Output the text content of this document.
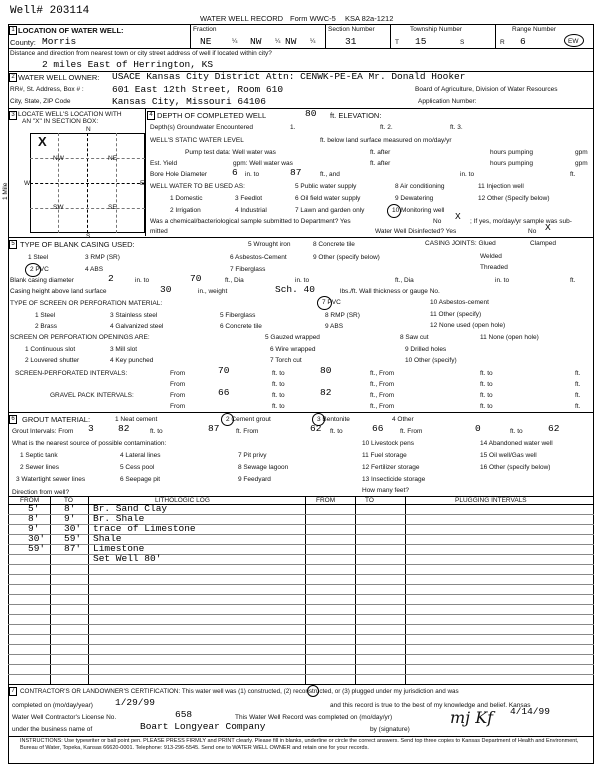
Well# 203114
WATER WELL RECORD Form WWC-5 KSA 82a-1212
1 LOCATION OF WATER WELL:
County: Morris
Fraction
NE	¼ NW ¼ NW ¼
Section Number
31
Township Number
T 15	S
Range Number
R 6	EW
Distance and direction from nearest town or city street address of well if located within city?
2 miles East of Herrington, KS
2 WATER WELL OWNER: USACE Kansas City District Attn: CENWK-PE-EA Mr. Donald Hooker
RR#, St. Address, Box # :	601 East 12th Street, Room 610	Board of Agriculture, Division of Water Resources
City, State, ZIP Code	Kansas City, Missouri 64106	Application Number:
3 LOCATE WELL'S LOCATION WITH
AN "X" IN SECTION BOX:
N
X
NW	NE
SW	SE
W	E
S
1 Mile
4 DEPTH OF COMPLETED WELL	80 ft. ELEVATION:
Depth(s) Groundwater Encountered	1.	ft. 2.	ft. 3.
WELL'S STATIC WATER LEVEL	ft. below land surface measured on mo/day/yr
Pump test data: Well water was	ft. after	hours pumping	gpm
Est. Yield	gpm: Well water was	ft. after	hours pumping	gpm
Bore Hole Diameter	6 in. to	87	ft., and	in. to	ft.
WELL WATER TO BE USED AS:	5 Public water supply	8 Air conditioning	11 Injection well
1 Domestic	3 Feedlot	6 Oil field water supply	9 Dewatering	12 Other (Specify below)
2 Irrigation	4 Industrial	7 Lawn and garden only	10 Monitoring well
Was a chemical/bacteriological sample submitted to Department? Yes	No X ; If yes, mo/day/yr sample was sub-
mitted	Water Well Disinfected? Yes	No X
5 TYPE OF BLANK CASING USED:	5 Wrought iron	8 Concrete tile	CASING JOINTS: Glued	Clamped
1 Steel	3 RMP (SR)	6 Asbestos-Cement	9 Other (specify below)	Welded
2 PVC	4 ABS	7 Fiberglass	Threaded
Blank casing diameter	2	in. to	70	ft., Dia	in. to	ft., Dia	in. to	ft.
Casing height above land surface	30	in., weight	Sch. 40	lbs./ft. Wall thickness or gauge No.
TYPE OF SCREEN OR PERFORATION MATERIAL:	7 PVC	10 Asbestos-cement
1 Steel	3 Stainless steel	5 Fiberglass	8 RMP (SR)	11 Other (specify)
2 Brass	4 Galvanized steel	6 Concrete tile	9 ABS	12 None used (open hole)
SCREEN OR PERFORATION OPENINGS ARE:	5 Gauzed wrapped	8 Saw cut	11 None (open hole)
1 Continuous slot	3 Mill slot	6 Wire wrapped	9 Drilled holes
2 Louvered shutter	4 Key punched	7 Torch cut	10 Other (specify)
SCREEN-PERFORATED INTERVALS:	From	70	ft. to	80	ft., From	ft. to	ft.
From	ft. to	ft., From	ft. to	ft.
GRAVEL PACK INTERVALS:	From	66	ft. to	82	ft., From	ft. to	ft.
From	ft. to	ft., From	ft. to	ft.
6 GROUT MATERIAL:	1 Neat cement	2 Cement grout	3 Bentonite	4 Other
Grout Intervals: From 3	82	ft. to	87	ft. From	62 ft. to	66	ft. From	0	ft. to	62
What is the nearest source of possible contamination:	10 Livestock pens	14 Abandoned water well
1 Septic tank	4 Lateral lines	7 Pit privy	11 Fuel storage	15 Oil well/Gas well
2 Sewer lines	5 Cess pool	8 Sewage lagoon	12 Fertilizer storage	16 Other (specify below)
3 Watertight sewer lines	6 Seepage pit	9 Feedyard	13 Insecticide storage
Direction from well?	How many feet?
FROM	TO	LITHOLOGIC LOG	FROM	TO	PLUGGING INTERVALS
5'	8' Br. Sand Clay
8'	9' Br. Shale
9'	30' trace of Limestone
30' 59' Shale
59' 87' Limestone
Set Well 80'
7 CONTRACTOR'S OR LANDOWNER'S CERTIFICATION: This water well was (1) constructed, (2) reconstructed, or (3) plugged under my jurisdiction and was
completed on (mo/day/year) 1/29/99	and this record is true to the best of my knowledge and belief. Kansas
Water Well Contractor's License No.	658	This Water Well Record was completed on (mo/day/yr)
4/14/99
under the business name of	Boart Longyear Company	by (signature)
mj Kf
INSTRUCTIONS: Use typewriter or ball point pen. PLEASE PRESS FIRMLY and PRINT clearly. Please fill in blanks, underline or circle the correct answers. Send top three copies to Kansas Department of Health and Environment, Bureau of Water, Topeka, Kansas 66620-0001. Telephone: 913-296-5545. Send one to WATER WELL OWNER and retain one for your records.
